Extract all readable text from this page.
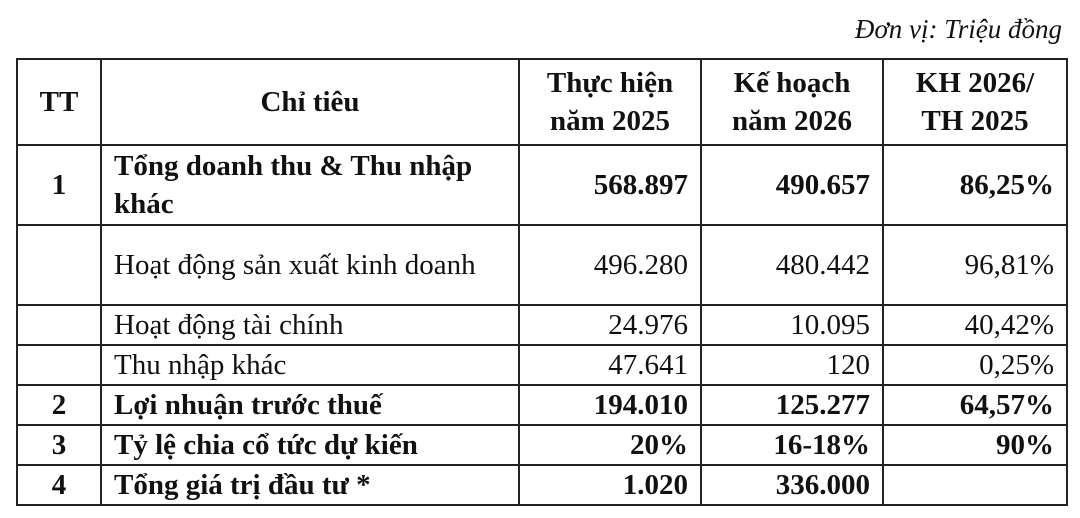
Đơn vị: Triệu đồng
TT	Chỉ tiêu	Thực hiện năm 2025	Kế hoạch năm 2026	KH 2026/ TH 2025
1	Tổng doanh thu & Thu nhập khác	568.897	490.657	86,25%
	Hoạt động sản xuất kinh doanh	496.280	480.442	96,81%
	Hoạt động tài chính	24.976	10.095	40,42%
	Thu nhập khác	47.641	120	0,25%
2	Lợi nhuận trước thuế	194.010	125.277	64,57%
3	Tỷ lệ chia cổ tức dự kiến	20%	16-18%	90%
4	Tổng giá trị đầu tư *	1.020	336.000	
